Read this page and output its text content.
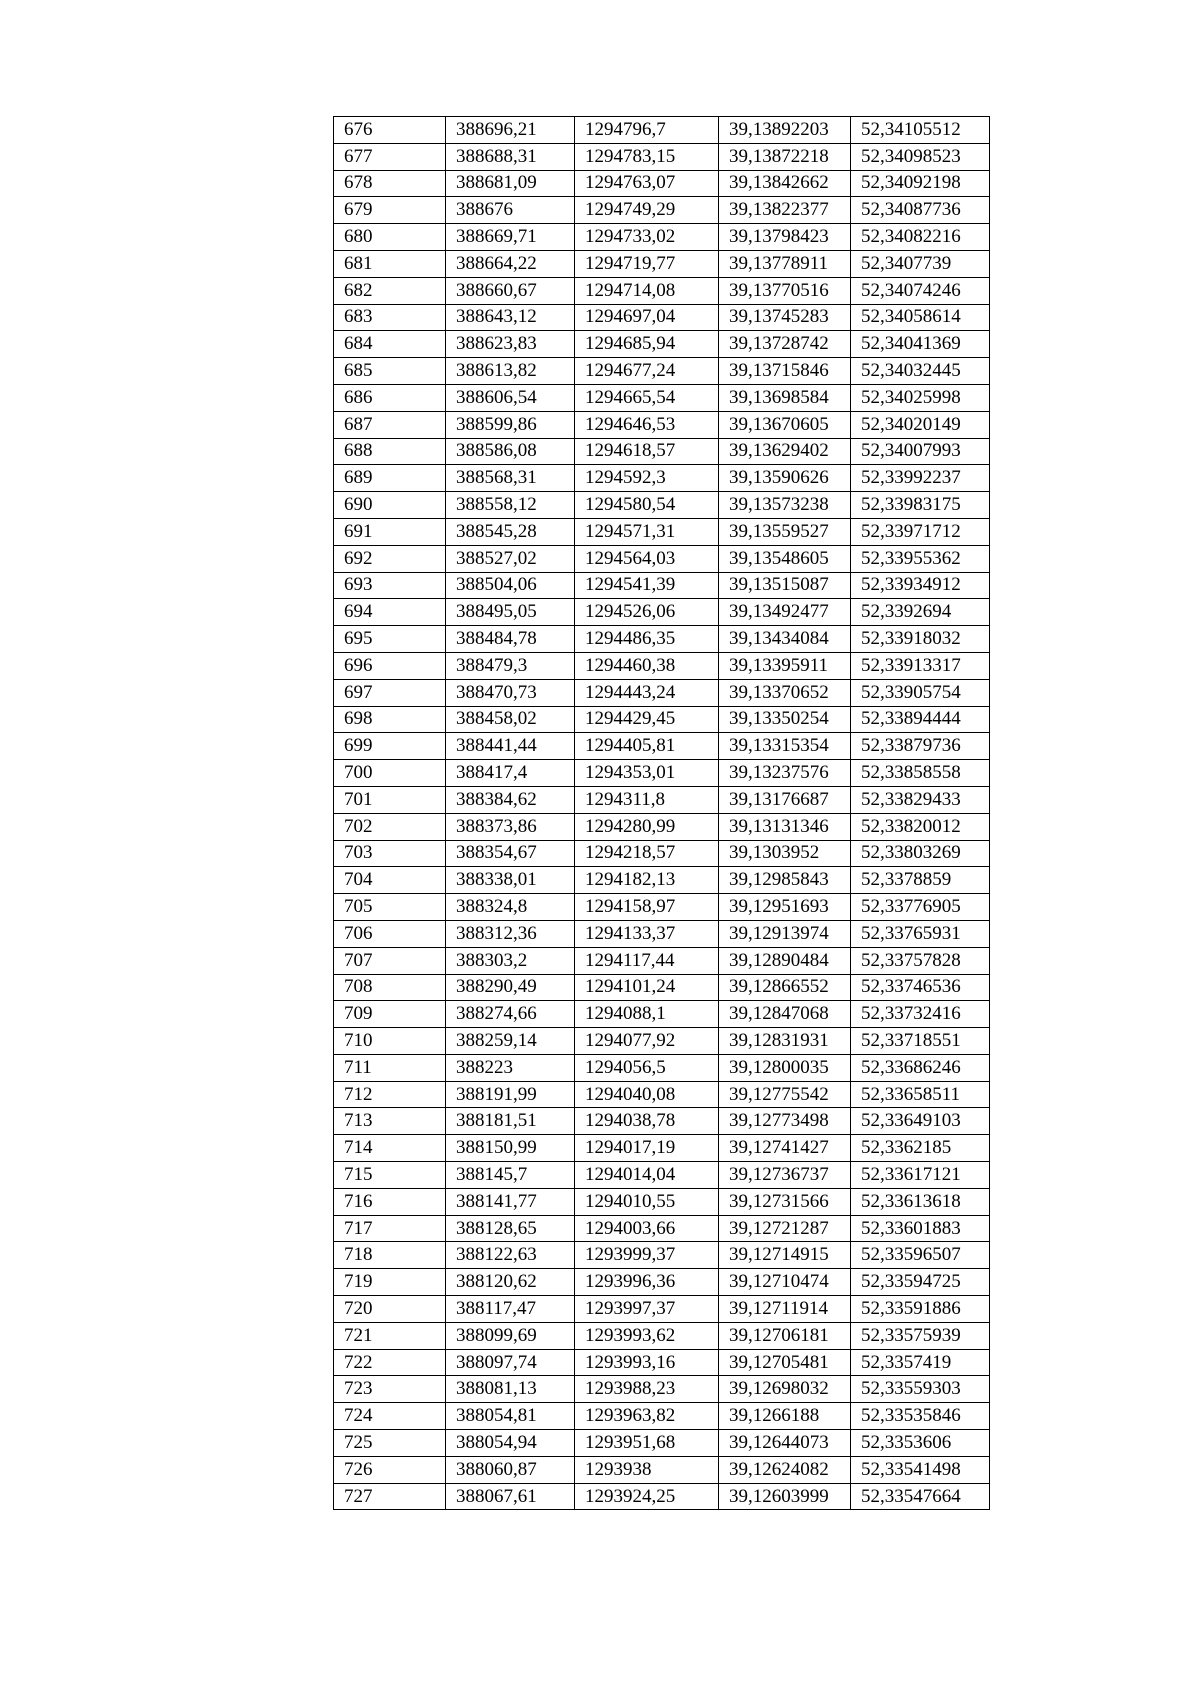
676	388696,21	1294796,7	39,13892203	52,34105512
677	388688,31	1294783,15	39,13872218	52,34098523
678	388681,09	1294763,07	39,13842662	52,34092198
679	388676	1294749,29	39,13822377	52,34087736
680	388669,71	1294733,02	39,13798423	52,34082216
681	388664,22	1294719,77	39,13778911	52,3407739
682	388660,67	1294714,08	39,13770516	52,34074246
683	388643,12	1294697,04	39,13745283	52,34058614
684	388623,83	1294685,94	39,13728742	52,34041369
685	388613,82	1294677,24	39,13715846	52,34032445
686	388606,54	1294665,54	39,13698584	52,34025998
687	388599,86	1294646,53	39,13670605	52,34020149
688	388586,08	1294618,57	39,13629402	52,34007993
689	388568,31	1294592,3	39,13590626	52,33992237
690	388558,12	1294580,54	39,13573238	52,33983175
691	388545,28	1294571,31	39,13559527	52,33971712
692	388527,02	1294564,03	39,13548605	52,33955362
693	388504,06	1294541,39	39,13515087	52,33934912
694	388495,05	1294526,06	39,13492477	52,3392694
695	388484,78	1294486,35	39,13434084	52,33918032
696	388479,3	1294460,38	39,13395911	52,33913317
697	388470,73	1294443,24	39,13370652	52,33905754
698	388458,02	1294429,45	39,13350254	52,33894444
699	388441,44	1294405,81	39,13315354	52,33879736
700	388417,4	1294353,01	39,13237576	52,33858558
701	388384,62	1294311,8	39,13176687	52,33829433
702	388373,86	1294280,99	39,13131346	52,33820012
703	388354,67	1294218,57	39,1303952	52,33803269
704	388338,01	1294182,13	39,12985843	52,3378859
705	388324,8	1294158,97	39,12951693	52,33776905
706	388312,36	1294133,37	39,12913974	52,33765931
707	388303,2	1294117,44	39,12890484	52,33757828
708	388290,49	1294101,24	39,12866552	52,33746536
709	388274,66	1294088,1	39,12847068	52,33732416
710	388259,14	1294077,92	39,12831931	52,33718551
711	388223	1294056,5	39,12800035	52,33686246
712	388191,99	1294040,08	39,12775542	52,33658511
713	388181,51	1294038,78	39,12773498	52,33649103
714	388150,99	1294017,19	39,12741427	52,3362185
715	388145,7	1294014,04	39,12736737	52,33617121
716	388141,77	1294010,55	39,12731566	52,33613618
717	388128,65	1294003,66	39,12721287	52,33601883
718	388122,63	1293999,37	39,12714915	52,33596507
719	388120,62	1293996,36	39,12710474	52,33594725
720	388117,47	1293997,37	39,12711914	52,33591886
721	388099,69	1293993,62	39,12706181	52,33575939
722	388097,74	1293993,16	39,12705481	52,3357419
723	388081,13	1293988,23	39,12698032	52,33559303
724	388054,81	1293963,82	39,1266188	52,33535846
725	388054,94	1293951,68	39,12644073	52,3353606
726	388060,87	1293938	39,12624082	52,33541498
727	388067,61	1293924,25	39,12603999	52,33547664
